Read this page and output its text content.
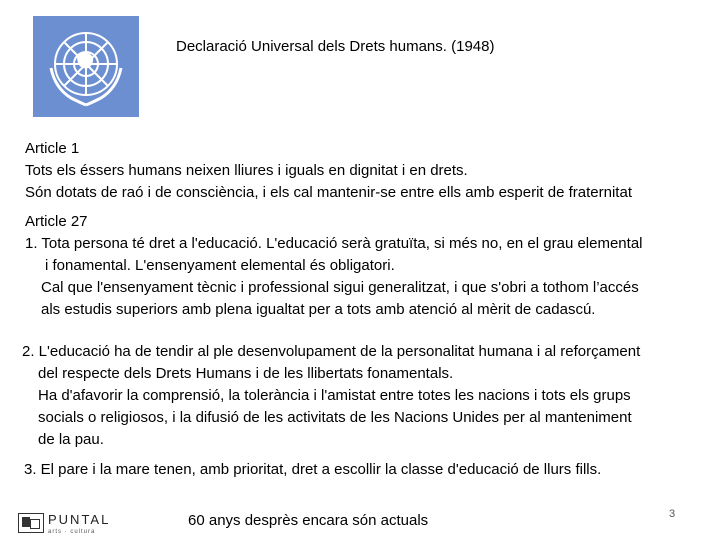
Declaració Universal dels Drets humans. (1948)

Article 1

Tots els éssers humans neixen lliures i iguals en dignitat i en drets.

Són dotats de raó i de consciència, i els cal mantenir-se entre ells amb esperit de fraternitat

Article 27

1. Tota persona té dret a l'educació. L'educació serà gratuïta, si més no, en el grau elemental

i fonamental. L'ensenyament elemental és obligatori.

Cal que l'ensenyament tècnic i professional sigui generalitzat, i que s'obri a tothom l’accés

als estudis superiors amb plena igualtat per a tots amb atenció al mèrit de cadascú.

2. L'educació ha de tendir al ple desenvolupament de la personalitat humana i al reforçament

del respecte dels Drets Humans i de les llibertats fonamentals.

Ha d'afavorir la comprensió, la tolerància i l'amistat entre totes les nacions i tots els grups

socials o religiosos, i la difusió de les activitats de les Nacions Unides per al manteniment

de la pau.

3. El pare i la mare tenen, amb prioritat, dret a escollir la classe d'educació de llurs fills.

PUNTAL
arts · cultura
60 anys desprès encara són actuals	3
